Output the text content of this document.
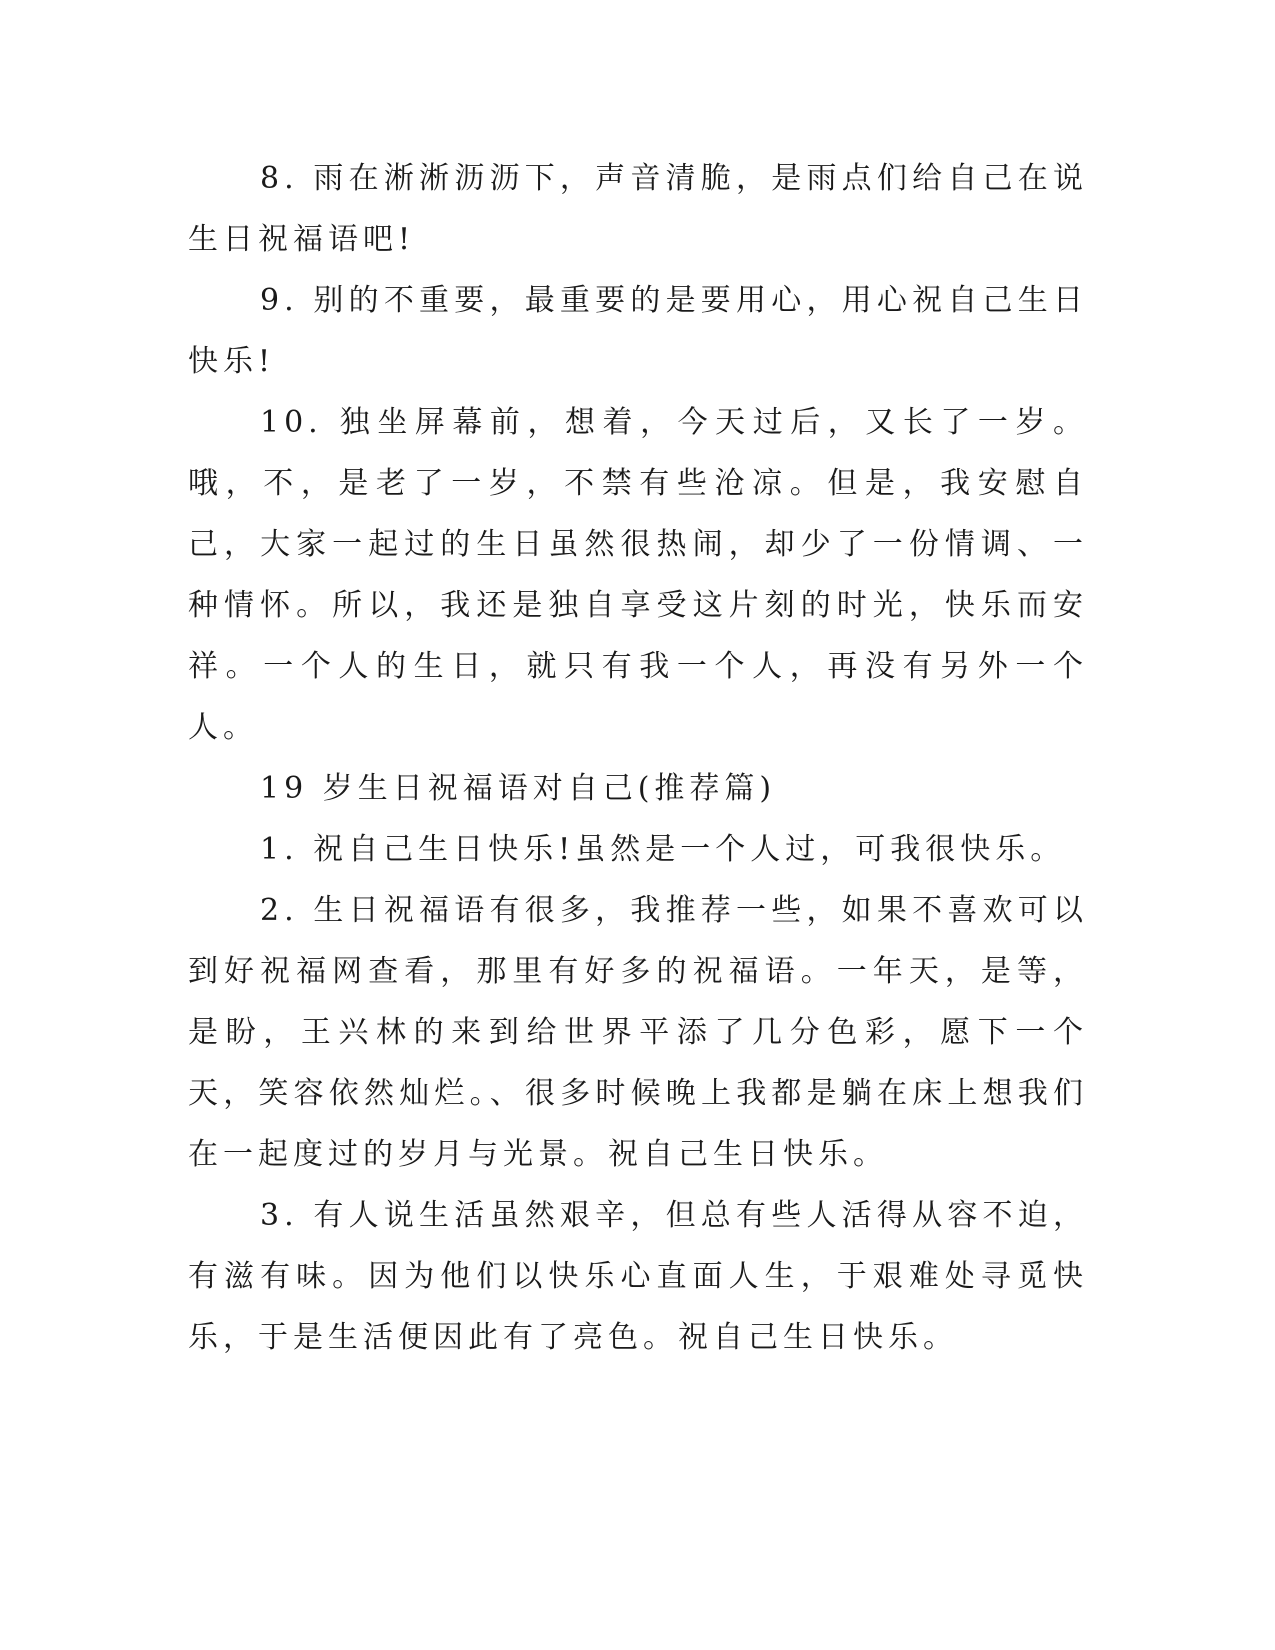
8. 雨在淅淅沥沥下，声音清脆，是雨点们给自己在说生日祝福语吧!

9. 别的不重要，最重要的是要用心，用心祝自己生日快乐!

10. 独坐屏幕前，想着，今天过后，又长了一岁。哦，不，是老了一岁，不禁有些沧凉。但是，我安慰自己，大家一起过的生日虽然很热闹，却少了一份情调、一种情怀。所以，我还是独自享受这片刻的时光，快乐而安祥。一个人的生日，就只有我一个人，再没有另外一个人。

19 岁生日祝福语对自己(推荐篇)

1. 祝自己生日快乐!虽然是一个人过，可我很快乐。

2. 生日祝福语有很多，我推荐一些，如果不喜欢可以到好祝福网查看，那里有好多的祝福语。一年天，是等，是盼，王兴林的来到给世界平添了几分色彩，愿下一个天，笑容依然灿烂。、很多时候晚上我都是躺在床上想我们在一起度过的岁月与光景。祝自己生日快乐。

3. 有人说生活虽然艰辛，但总有些人活得从容不迫，有滋有味。因为他们以快乐心直面人生，于艰难处寻觅快乐，于是生活便因此有了亮色。祝自己生日快乐。
